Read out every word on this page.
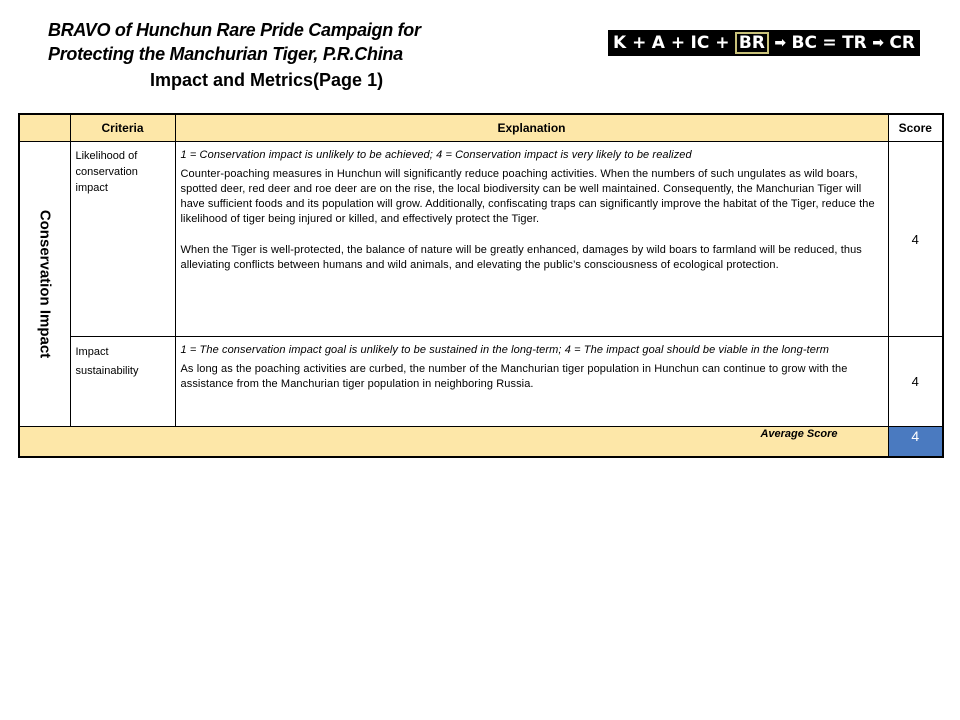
BRAVO of Hunchun Rare Pride Campaign for
Protecting the Manchurian Tiger, P.R.China
Impact and Metrics(Page 1)
K + A + IC + BR ➡ BC = TR ➡ CR
	Criteria	Explanation	Score

Conservation Impact	Likelihood of conservation impact	1 = Conservation impact is unlikely to be achieved; 4 = Conservation impact is very likely to be realized

Counter-poaching measures in Hunchun will significantly reduce poaching activities. When the numbers of such ungulates as wild boars, spotted deer, red deer and roe deer are on the rise, the local biodiversity can be well maintained. Consequently, the Manchurian Tiger will have sufficient foods and its population will grow. Additionally, confiscating traps can significantly improve the habitat of the Tiger, reduce the likelihood of tiger being injured or killed, and effectively protect the Tiger.

When the Tiger is well-protected, the balance of nature will be greatly enhanced, damages by wild boars to farmland will be reduced, thus alleviating conflicts between humans and wild animals, and elevating the public’s consciousness of ecological protection.	4
	Impact sustainability	1 = The conservation impact goal is unlikely to be sustained in the long-term; 4 = The impact goal should be viable in the long-term

As long as the poaching activities are curbed, the number of the Manchurian tiger population in Hunchun can continue to grow with the assistance from the Manchurian tiger population in neighboring Russia.	4
Average Score			4
